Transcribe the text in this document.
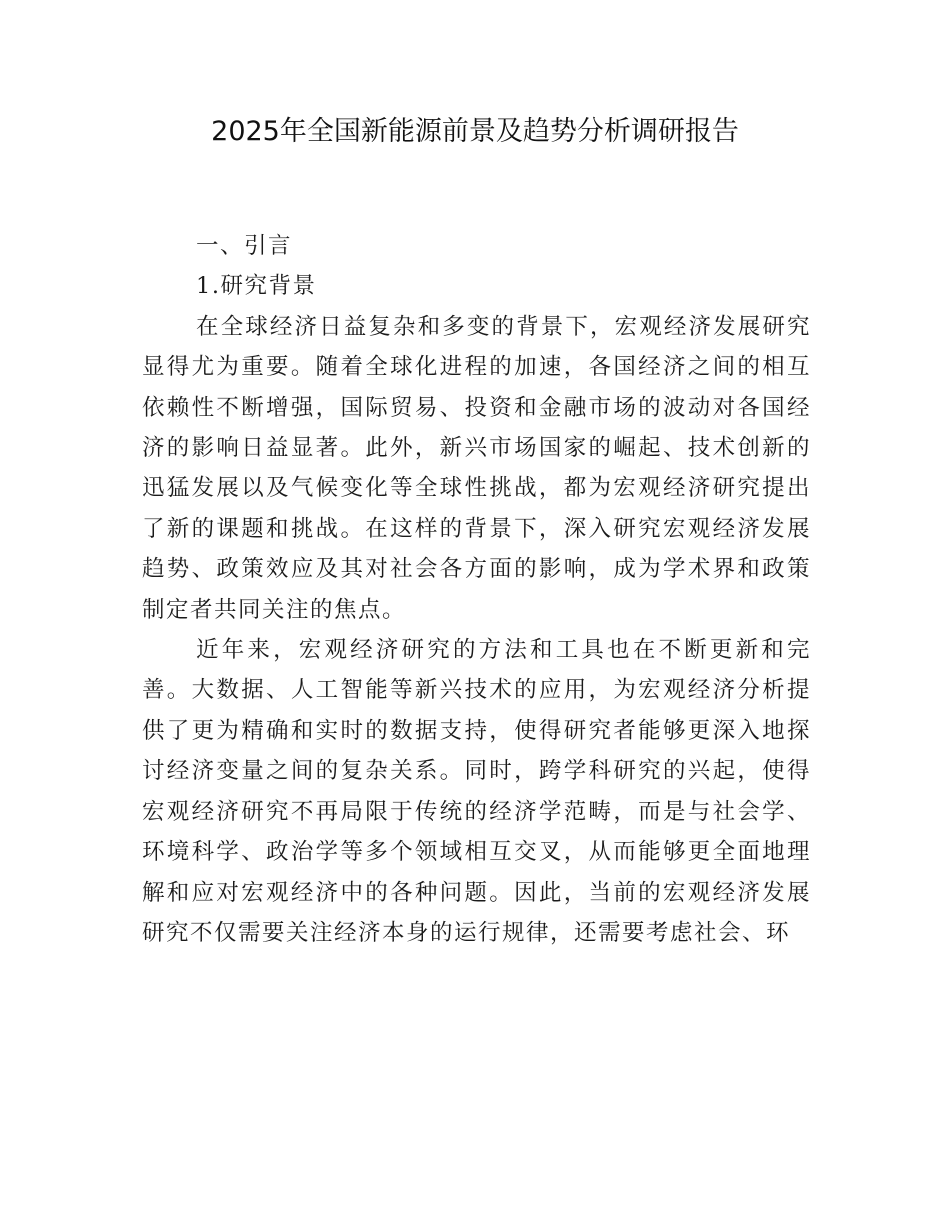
2025年全国新能源前景及趋势分析调研报告
一、引言
1.研究背景

在全球经济日益复杂和多变的背景下，宏观经济发展研究显得尤为重要。随着全球化进程的加速，各国经济之间的相互依赖性不断增强，国际贸易、投资和金融市场的波动对各国经济的影响日益显著。此外，新兴市场国家的崛起、技术创新的迅猛发展以及气候变化等全球性挑战，都为宏观经济研究提出了新的课题和挑战。在这样的背景下，深入研究宏观经济发展趋势、政策效应及其对社会各方面的影响，成为学术界和政策制定者共同关注的焦点。

近年来，宏观经济研究的方法和工具也在不断更新和完善。大数据、人工智能等新兴技术的应用，为宏观经济分析提供了更为精确和实时的数据支持，使得研究者能够更深入地探讨经济变量之间的复杂关系。同时，跨学科研究的兴起，使得宏观经济研究不再局限于传统的经济学范畴，而是与社会学、环境科学、政治学等多个领域相互交叉，从而能够更全面地理解和应对宏观经济中的各种问题。因此，当前的宏观经济发展研究不仅需要关注经济本身的运行规律，还需要考虑社会、环
